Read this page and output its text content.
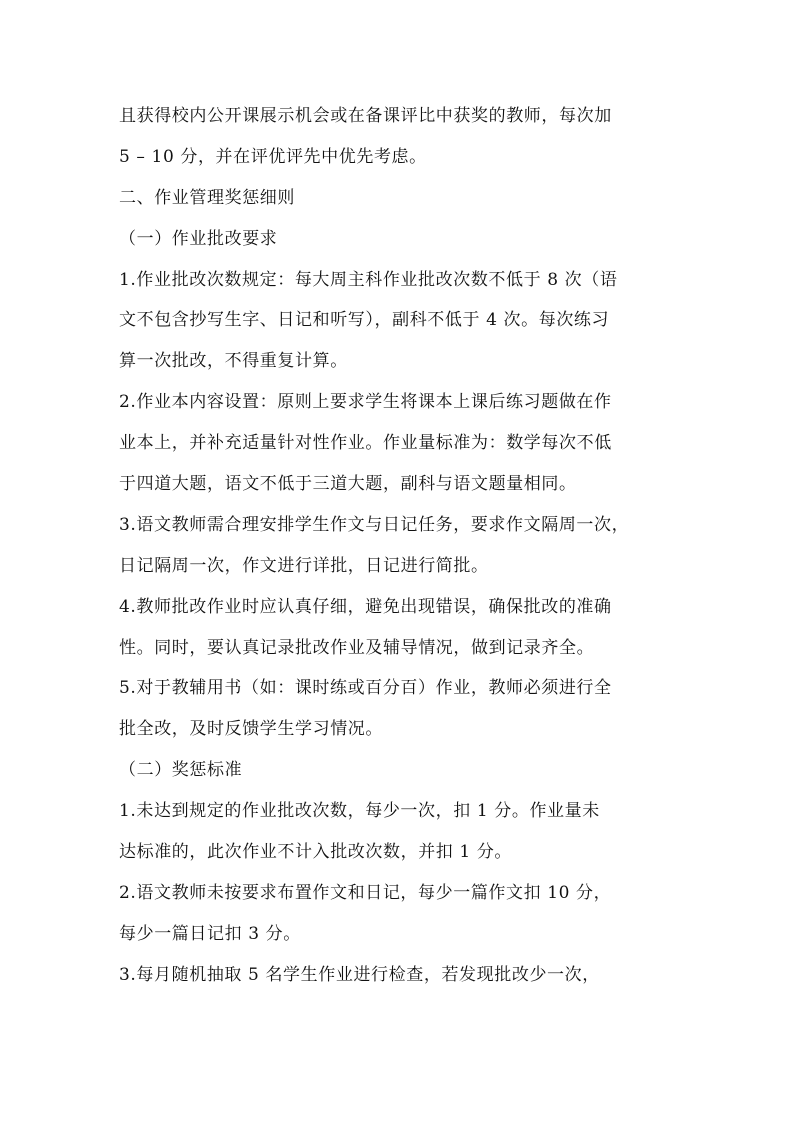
且获得校内公开课展示机会或在备课评比中获奖的教师，每次加
5 – 10 分，并在评优评先中优先考虑。
二、作业管理奖惩细则
（一）作业批改要求
1.作业批改次数规定：每大周主科作业批改次数不低于 8 次（语
文不包含抄写生字、日记和听写），副科不低于 4 次。每次练习
算一次批改，不得重复计算。
2.作业本内容设置：原则上要求学生将课本上课后练习题做在作
业本上，并补充适量针对性作业。作业量标准为：数学每次不低
于四道大题，语文不低于三道大题，副科与语文题量相同。
3.语文教师需合理安排学生作文与日记任务，要求作文隔周一次，
日记隔周一次，作文进行详批，日记进行简批。
4.教师批改作业时应认真仔细，避免出现错误，确保批改的准确
性。同时，要认真记录批改作业及辅导情况，做到记录齐全。
5.对于教辅用书（如：课时练或百分百）作业，教师必须进行全
批全改，及时反馈学生学习情况。
（二）奖惩标准
1.未达到规定的作业批改次数，每少一次，扣 1 分。作业量未
达标准的，此次作业不计入批改次数，并扣 1 分。
2.语文教师未按要求布置作文和日记，每少一篇作文扣 10 分，
每少一篇日记扣 3 分。
3.每月随机抽取 5 名学生作业进行检查，若发现批改少一次，
